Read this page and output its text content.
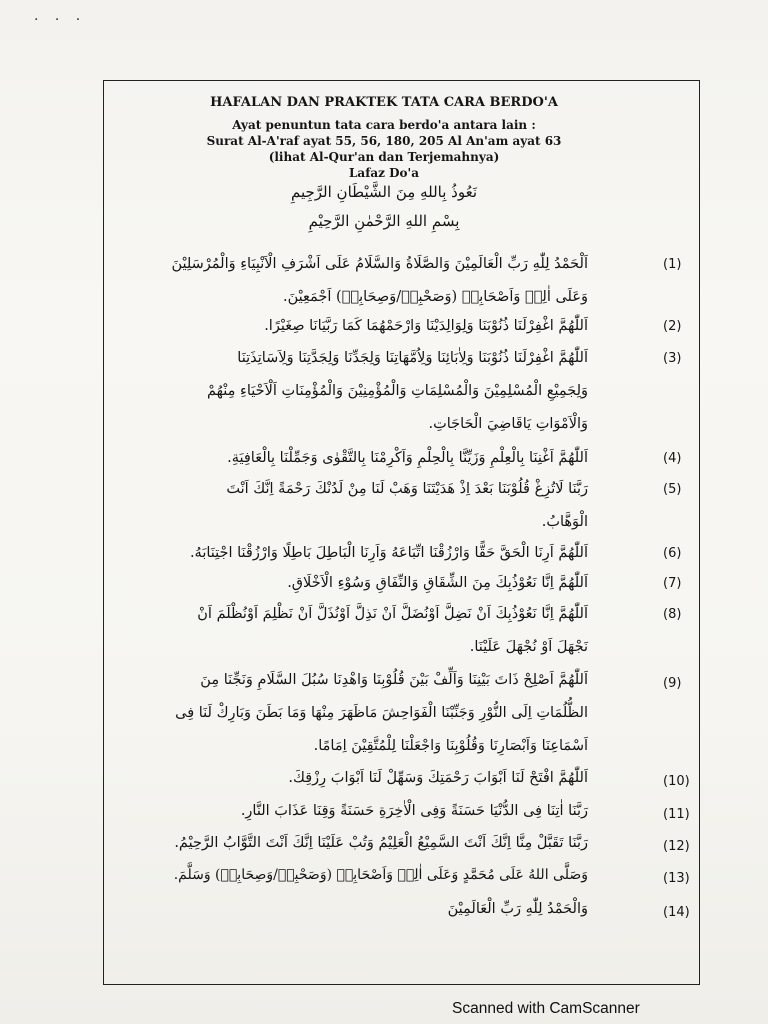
· · ·
HAFALAN DAN PRAKTEK TATA CARA BERDO'A
Ayat penuntun tata cara berdo'a antara lain :
Surat Al-A'raf ayat 55, 56, 180, 205 Al An'am ayat 63
(lihat Al-Qur'an dan Terjemahnya)
Lafaz Do'a
نَعُوذُ بِاللهِ مِنَ الشَّيْطَانِ الرَّجِيمِ
بِسْمِ اللهِ الرَّحْمٰنِ الرَّحِيْمِ
(1)
اَلْحَمْدُ لِلّٰهِ رَبِّ الْعَالَمِيْنَ وَالصَّلَاةُ وَالسَّلَامُ عَلَى اَشْرَفِ الْاَنْبِيَاءِ وَالْمُرْسَلِيْنَ
وَعَلَى اٰلِهٖ وَاَصْحَابِهٖ (وَصَحْبِهٖ/وَصِحَابِهٖ) اَجْمَعِيْنَ.
(2)
اَللّٰهُمَّ اغْفِرْلَنَا ذُنُوْبَنَا وَلِوَالِدَيْنَا وَارْحَمْهُمَا كَمَا رَبَّيَانَا صِغَيْرًا.
(3)
اَللّٰهُمَّ اغْفِرْلَنَا ذُنُوْبَنَا وَلِاٰبَائِنَا وَلِاُمَّهَاتِنَا وَلِجَدِّنَا وَلِجَدَّتِنَا وَلِاَسَاتِذَتِنَا
وَلِجَمِيْعِ الْمُسْلِمِيْنَ وَالْمُسْلِمَاتِ وَالْمُؤْمِنِيْنَ وَالْمُؤْمِنَاتِ اَلْاَحْيَاءِ مِنْهُمْ
وَالْاَمْوَاتِ يَاقَاضِيَ الْحَاجَاتِ.
(4)
اَللّٰهُمَّ اَغْنِنَا بِالْعِلْمِ وَزَيِّنَّا بِالْحِلْمِ وَاَكْرِمْنَا بِالتَّقْوٰى وَجَمِّلْنَا بِالْعَافِيَةِ.
(5)
رَبَّنَا لَاتُزِغْ قُلُوْبَنَا بَعْدَ اِذْ هَدَيْتَنَا وَهَبْ لَنَا مِنْ لَدُنْكَ رَحْمَةً اِنَّكَ اَنْتَ
الْوَهَّابُ.
(6)
اَللّٰهُمَّ اَرِنَا الْحَقَّ حَقًّا وَارْزُقْنَا اتِّبَاعَهُ وَاَرِنَا الْبَاطِلَ بَاطِلًا وَارْزُقْنَا اجْتِنَابَهُ.
(7)
اَللّٰهُمَّ اِنَّا نَعُوْذُبِكَ مِنَ الشِّقَاقِ وَالنِّفَاقِ وَسُوْءِ الْاَخْلَاقِ.
(8)
اَللّٰهُمَّ اِنَّا نَعُوْذُبِكَ اَنْ نَضِلَّ اَوْنُضَلَّ اَنْ نَذِلَّ اَوْنُذَلَّ اَنْ نَظْلِمَ اَوْنُظْلَمَ اَنْ
نَجْهَلَ اَوْ نُجْهَلَ عَلَيْنَا.
(9)
اَللّٰهُمَّ اَصْلِحْ ذَاتَ بَيْنِنَا وَاَلِّفْ بَيْنَ قُلُوْبِنَا وَاهْدِنَا سُبُلَ السَّلَامِ وَنَجِّنَا مِنَ
الظُّلُمَاتِ اِلَى النُّوْرِ وَجَنِّبْنَا الْفَوَاحِشَ مَاظَهَرَ مِنْهَا وَمَا بَطَنَ وَبَارِكْ لَنَا فِى
اَسْمَاعِنَا وَاَبْصَارِنَا وَقُلُوْبِنَا وَاجْعَلْنَا لِلْمُتَّقِيْنَ اِمَامًا.
(10)
اَللّٰهُمَّ افْتَحْ لَنَا اَبْوَابَ رَحْمَتِكَ وَسَهِّلْ لَنَا اَبْوَابَ رِزْقِكَ.
(11)
رَبَّنَا اٰتِنَا فِى الدُّنْيَا حَسَنَةً وَفِى الْاٰخِرَةِ حَسَنَةً وَقِنَا عَذَابَ النَّارِ.
(12)
رَبَّنَا تَقَبَّلْ مِنَّا اِنَّكَ اَنْتَ السَّمِيْعُ الْعَلِيْمُ وَتُبْ عَلَيْنَا اِنَّكَ اَنْتَ التَّوَّابُ الرَّحِيْمُ.
(13)
وَصَلَّى اللهُ عَلَى مُحَمَّدٍ وَعَلَى اٰلِهٖ وَاَصْحَابِهٖ (وَصَحْبِهٖ/وَصِحَابِهٖ) وَسَلَّمَ.
(14)
وَالْحَمْدُ لِلّٰهِ رَبِّ الْعَالَمِيْنَ
Scanned with CamScanner
